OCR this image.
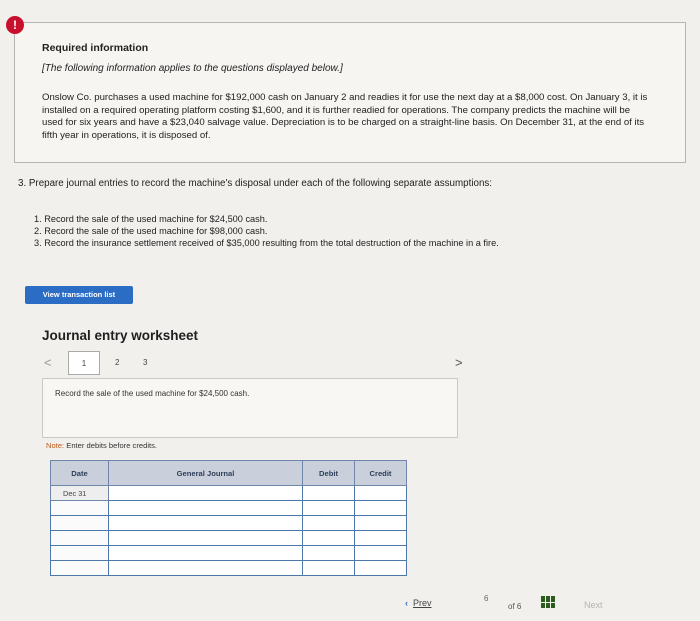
!
Required information
[The following information applies to the questions displayed below.]
Onslow Co. purchases a used machine for $192,000 cash on January 2 and readies it for use the next day at a $8,000 cost. On January 3, it is installed on a required operating platform costing $1,600, and it is further readied for operations. The company predicts the machine will be used for six years and have a $23,040 salvage value. Depreciation is to be charged on a straight-line basis. On December 31, at the end of its fifth year in operations, it is disposed of.
3. Prepare journal entries to record the machine's disposal under each of the following separate assumptions:
1. Record the sale of the used machine for $24,500 cash.
2. Record the sale of the used machine for $98,000 cash.
3. Record the insurance settlement received of $35,000 resulting from the total destruction of the machine in a fire.
View transaction list
Journal entry worksheet
<	1	2	3	>
Record the sale of the used machine for $24,500 cash.
Note: Enter debits before credits.
Date	General Journal	Debit	Credit
Dec 31			

‹ Prev	6
of 6	Next
